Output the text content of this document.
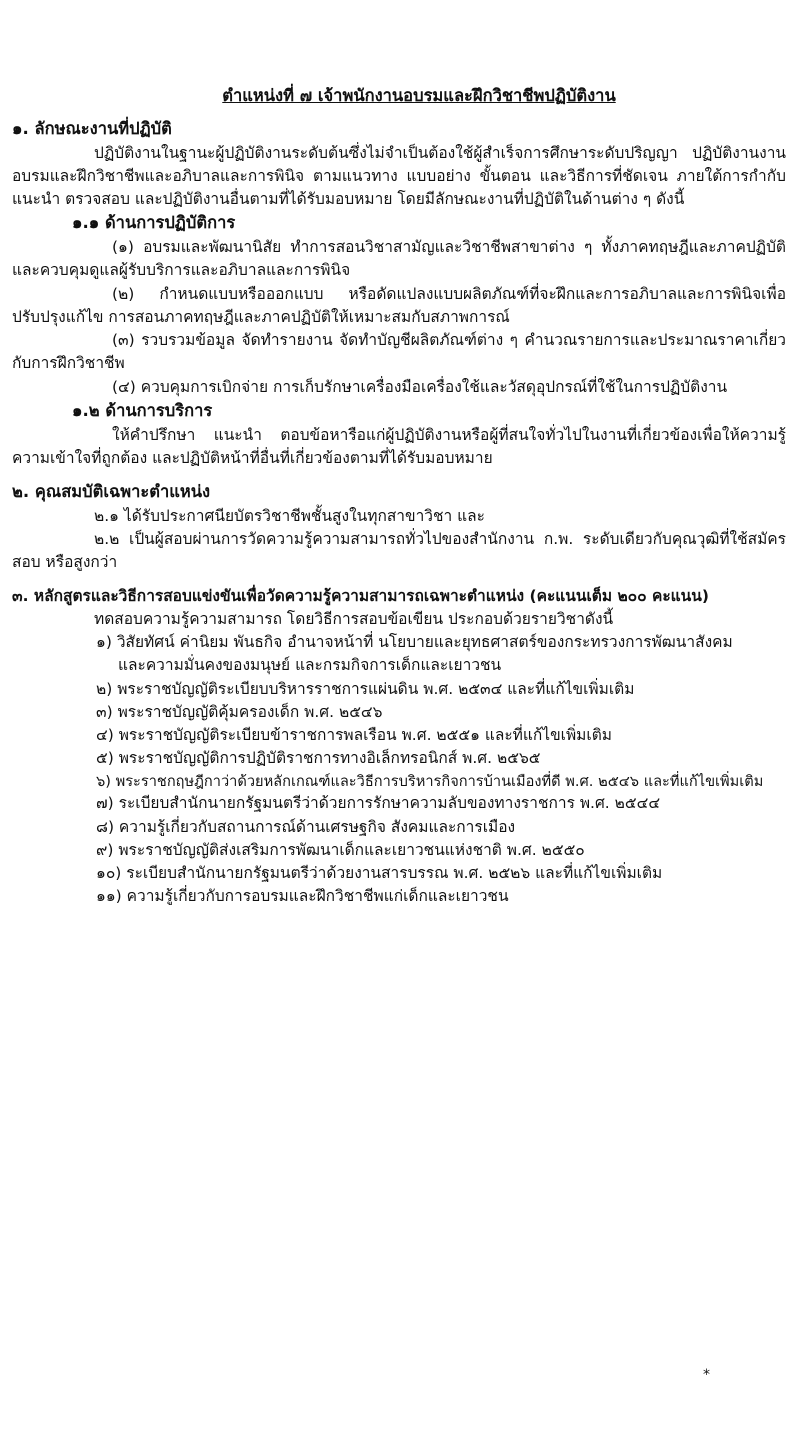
ตำแหน่งที่ ๗ เจ้าพนักงานอบรมและฝึกวิชาชีพปฏิบัติงาน
๑. ลักษณะงานที่ปฏิบัติ

ปฏิบัติงานในฐานะผู้ปฏิบัติงานระดับต้นซึ่งไม่จำเป็นต้องใช้ผู้สำเร็จการศึกษาระดับปริญญา ปฏิบัติงานงานอบรมและฝึกวิชาชีพและอภิบาลและการพินิจ ตามแนวทาง แบบอย่าง ขั้นตอน และวิธีการที่ชัดเจน ภายใต้การกำกับ แนะนำ ตรวจสอบ และปฏิบัติงานอื่นตามที่ได้รับมอบหมาย โดยมีลักษณะงานที่ปฏิบัติในด้านต่าง ๆ ดังนี้

๑.๑ ด้านการปฏิบัติการ

(๑) อบรมและพัฒนานิสัย ทำการสอนวิชาสามัญและวิชาชีพสาขาต่าง ๆ ทั้งภาคทฤษฎีและภาคปฏิบัติ และควบคุมดูแลผู้รับบริการและอภิบาลและการพินิจ

(๒) กำหนดแบบหรือออกแบบ หรือดัดแปลงแบบผลิตภัณฑ์ที่จะฝึกและการอภิบาลและการพินิจเพื่อปรับปรุงแก้ไข การสอนภาคทฤษฎีและภาคปฏิบัติให้เหมาะสมกับสภาพการณ์

(๓) รวบรวมข้อมูล จัดทำรายงาน จัดทำบัญชีผลิตภัณฑ์ต่าง ๆ คำนวณรายการและประมาณราคาเกี่ยวกับการฝึกวิชาชีพ

(๔) ควบคุมการเบิกจ่าย การเก็บรักษาเครื่องมือเครื่องใช้และวัสดุอุปกรณ์ที่ใช้ในการปฏิบัติงาน

๑.๒ ด้านการบริการ

ให้คำปรึกษา แนะนำ ตอบข้อหารือแก่ผู้ปฏิบัติงานหรือผู้ที่สนใจทั่วไปในงานที่เกี่ยวข้องเพื่อให้ความรู้ความเข้าใจที่ถูกต้อง และปฏิบัติหน้าที่อื่นที่เกี่ยวข้องตามที่ได้รับมอบหมาย

๒. คุณสมบัติเฉพาะตำแหน่ง

๒.๑ ได้รับประกาศนียบัตรวิชาชีพชั้นสูงในทุกสาขาวิชา และ

๒.๒ เป็นผู้สอบผ่านการวัดความรู้ความสามารถทั่วไปของสำนักงาน ก.พ. ระดับเดียวกับคุณวุฒิที่ใช้สมัครสอบ หรือสูงกว่า

๓. หลักสูตรและวิธีการสอบแข่งขันเพื่อวัดความรู้ความสามารถเฉพาะตำแหน่ง (คะแนนเต็ม ๒๐๐ คะแนน)

ทดสอบความรู้ความสามารถ โดยวิธีการสอบข้อเขียน ประกอบด้วยรายวิชาดังนี้

๑) วิสัยทัศน์ ค่านิยม พันธกิจ อำนาจหน้าที่ นโยบายและยุทธศาสตร์ของกระทรวงการพัฒนาสังคม
และความมั่นคงของมนุษย์ และกรมกิจการเด็กและเยาวชน
๒) พระราชบัญญัติระเบียบบริหารราชการแผ่นดิน พ.ศ. ๒๕๓๔ และที่แก้ไขเพิ่มเติม
๓) พระราชบัญญัติคุ้มครองเด็ก พ.ศ. ๒๕๔๖
๔) พระราชบัญญัติระเบียบข้าราชการพลเรือน พ.ศ. ๒๕๕๑ และที่แก้ไขเพิ่มเติม
๕) พระราชบัญญัติการปฏิบัติราชการทางอิเล็กทรอนิกส์ พ.ศ. ๒๕๖๕
๖) พระราชกฤษฎีกาว่าด้วยหลักเกณฑ์และวิธีการบริหารกิจการบ้านเมืองที่ดี พ.ศ. ๒๕๔๖ และที่แก้ไขเพิ่มเติม
๗) ระเบียบสำนักนายกรัฐมนตรีว่าด้วยการรักษาความลับของทางราชการ พ.ศ. ๒๕๔๔
๘) ความรู้เกี่ยวกับสถานการณ์ด้านเศรษฐกิจ สังคมและการเมือง
๙) พระราชบัญญัติส่งเสริมการพัฒนาเด็กและเยาวชนแห่งชาติ พ.ศ. ๒๕๕๐
๑๐) ระเบียบสำนักนายกรัฐมนตรีว่าด้วยงานสารบรรณ พ.ศ. ๒๕๒๖ และที่แก้ไขเพิ่มเติม
๑๑) ความรู้เกี่ยวกับการอบรมและฝึกวิชาชีพแก่เด็กและเยาวชน
*
